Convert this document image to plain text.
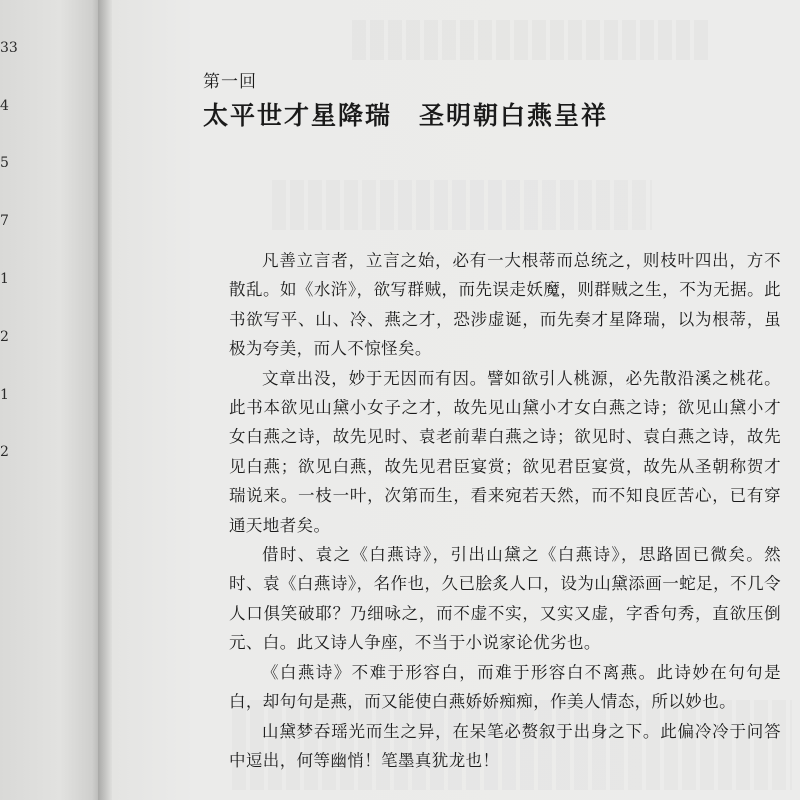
33
4
5
7
1
2
1
2
第一回
太平世才星降瑞　圣明朝白燕呈祥

凡善立言者，立言之始，必有一大根蒂而总统之，则枝叶四出，方不散乱。如《水浒》，欲写群贼，而先误走妖魔，则群贼之生，不为无据。此书欲写平、山、冷、燕之才，恐涉虚诞，而先奏才星降瑞，以为根蒂，虽极为夸美，而人不惊怪矣。

文章出没，妙于无因而有因。譬如欲引人桃源，必先散沿溪之桃花。此书本欲见山黛小女子之才，故先见山黛小才女白燕之诗；欲见山黛小才女白燕之诗，故先见时、袁老前辈白燕之诗；欲见时、袁白燕之诗，故先见白燕；欲见白燕，故先见君臣宴赏；欲见君臣宴赏，故先从圣朝称贺才瑞说来。一枝一叶，次第而生，看来宛若天然，而不知良匠苦心，已有穿通天地者矣。

借时、袁之《白燕诗》，引出山黛之《白燕诗》，思路固已微矣。然时、袁《白燕诗》，名作也，久已脍炙人口，设为山黛添画一蛇足，不几令人口俱笑破耶？乃细咏之，而不虚不实，又实又虚，字香句秀，直欲压倒元、白。此又诗人争座，不当于小说家论优劣也。

《白燕诗》不难于形容白，而难于形容白不离燕。此诗妙在句句是白，却句句是燕，而又能使白燕娇娇痴痴，作美人情态，所以妙也。

山黛梦吞瑶光而生之异，在呆笔必赘叙于出身之下。此偏冷冷于问答中逗出，何等幽悄！笔墨真犹龙也！
